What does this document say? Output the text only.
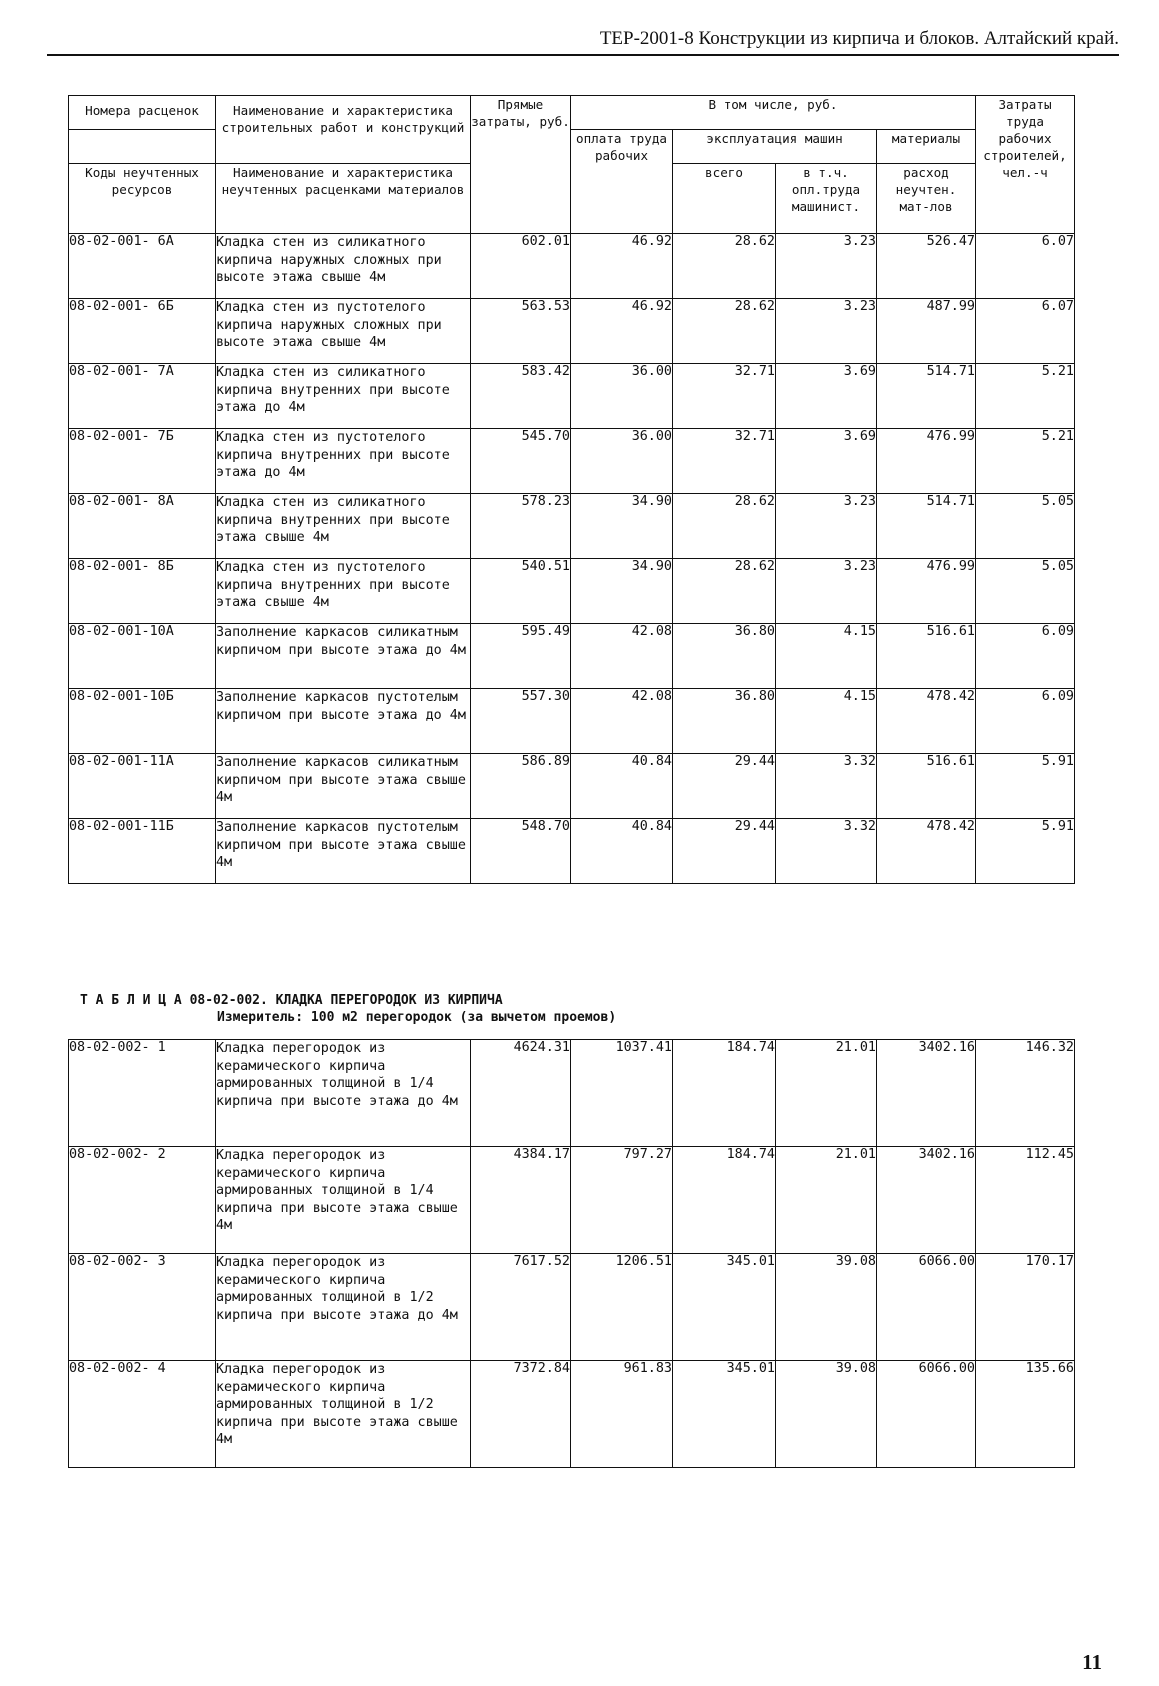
ТЕР-2001-8 Конструкции из кирпича и блоков. Алтайский край.
Номера расценок	Наименование и характеристика строительных работ и конструкций	Прямые затраты, руб.	В том числе, руб.				Затраты труда рабочих строителей, чел.-ч
			оплата труда рабочих	эксплуатация машин		материалы	
Коды неучтенных ресурсов	Наименование и характеристика неучтенных расценками материалов			всего	в т.ч. опл.труда машинист.	расход неучтен. мат-лов	
08-02-001- 6А	Кладка стен из силикатного кирпича наружных сложных при высоте этажа свыше 4м	602.01	46.92	28.62	3.23	526.47	6.07
08-02-001- 6Б	Кладка стен из пустотелого кирпича наружных сложных при высоте этажа свыше 4м	563.53	46.92	28.62	3.23	487.99	6.07
08-02-001- 7А	Кладка стен из силикатного кирпича внутренних при высоте этажа до 4м	583.42	36.00	32.71	3.69	514.71	5.21
08-02-001- 7Б	Кладка стен из пустотелого кирпича внутренних при высоте этажа до 4м	545.70	36.00	32.71	3.69	476.99	5.21
08-02-001- 8А	Кладка стен из силикатного кирпича внутренних при высоте этажа свыше 4м	578.23	34.90	28.62	3.23	514.71	5.05
08-02-001- 8Б	Кладка стен из пустотелого кирпича внутренних при высоте этажа свыше 4м	540.51	34.90	28.62	3.23	476.99	5.05
08-02-001-10А	Заполнение каркасов силикатным кирпичом при высоте этажа до 4м	595.49	42.08	36.80	4.15	516.61	6.09
08-02-001-10Б	Заполнение каркасов пустотелым кирпичом при высоте этажа до 4м	557.30	42.08	36.80	4.15	478.42	6.09
08-02-001-11А	Заполнение каркасов силикатным кирпичом при высоте этажа свыше 4м	586.89	40.84	29.44	3.32	516.61	5.91
08-02-001-11Б	Заполнение каркасов пустотелым кирпичом при высоте этажа свыше 4м	548.70	40.84	29.44	3.32	478.42	5.91
Т А Б Л И Ц А 08-02-002. КЛАДКА ПЕРЕГОРОДОК ИЗ КИРПИЧА
Измеритель: 100 м2 перегородок (за вычетом проемов)
08-02-002- 1	Кладка перегородок из керамического кирпича армированных толщиной в 1/4 кирпича при высоте этажа до 4м	4624.31	1037.41	184.74	21.01	3402.16	146.32
08-02-002- 2	Кладка перегородок из керамического кирпича армированных толщиной в 1/4 кирпича при высоте этажа свыше 4м	4384.17	797.27	184.74	21.01	3402.16	112.45
08-02-002- 3	Кладка перегородок из керамического кирпича армированных толщиной в 1/2 кирпича при высоте этажа до 4м	7617.52	1206.51	345.01	39.08	6066.00	170.17
08-02-002- 4	Кладка перегородок из керамического кирпича армированных толщиной в 1/2 кирпича при высоте этажа свыше 4м	7372.84	961.83	345.01	39.08	6066.00	135.66
11
